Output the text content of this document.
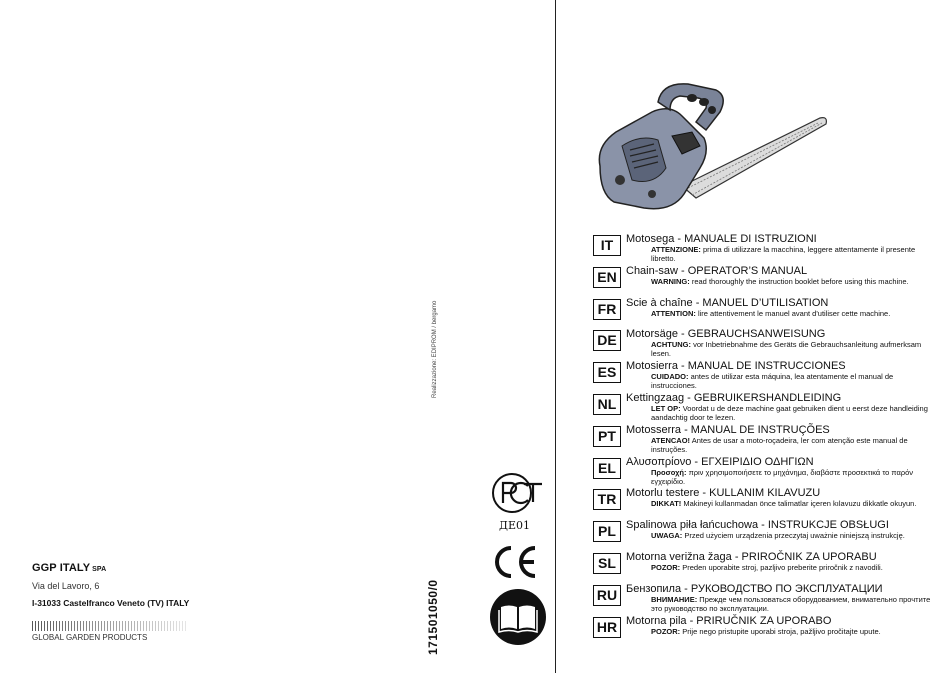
GGP ITALY SPA
Via del Lavoro, 6
I-31033 Castelfranco Veneto (TV) ITALY
GLOBAL GARDEN PRODUCTS
Realizzazione: EDIPROM / bergamo
171501050/0
ДЕ01
IT	Motosega - MANUALE DI ISTRUZIONI
ATTENZIONE: prima di utilizzare la macchina, leggere attentamente il presente libretto.
EN Chain-saw - OPERATOR’S MANUAL
WARNING: read thoroughly the instruction booklet before using this machine.
FR Scie à chaîne - MANUEL D’UTILISATION
ATTENTION: lire attentivement le manuel avant d'utiliser cette machine.
DE Motorsäge - GEBRAUCHSANWEISUNG
ACHTUNG: vor Inbetriebnahme des Geräts die Gebrauchsanleitung aufmerksam lesen.
ES Motosierra - MANUAL DE INSTRUCCIONES
CUIDADO: antes de utilizar esta máquina, lea atentamente el manual de instrucciones.
NL Kettingzaag - GEBRUIKERSHANDLEIDING
LET OP: Voordat u de deze machine gaat gebruiken dient u eerst deze handleiding aandachtig door te lezen.
PT Motosserra - MANUAL DE INSTRUÇÕES
ATENCAO! Antes de usar a moto-roçadeira, ler com atenção este manual de instruções.
EL Αλυσοπρίονο - ΕΓΧΕΙΡΙΔΙΟ ΟΔΗΓΙΩΝ
Προσοχή: πριν χρησιμοποιήσετε το μηχάνημα, διαβάστε προσεκτικά το παρόν εγχειρίδιο.
TR Motorlu testere - KULLANIM KILAVUZU
DIKKAT! Makineyi kullanmadan önce talimatlar içeren kılavuzu dikkatle okuyun.
PL Spalinowa piła łańcuchowa - INSTRUKCJE OBSŁUGI
UWAGA: Przed użyciem urządzenia przeczytaj uważnie niniejszą instrukcję.
SL Motorna verižna žaga - PRIROČNIK ZA UPORABU
POZOR: Preden uporabite stroj, pazljivo preberite priročnik z navodili.
RU Бензопила - РУКОВОДСТВО ПО ЭКСПЛУАТАЦИИ
ВНИМАНИЕ: Прежде чем пользоваться оборудованием, внимательно прочтите это руководство по эксплуатации.
HR Motorna pila - PRIRUČNIK ZA UPORABO
POZOR: Prije nego pristupite uporabi stroja, pažljivo pročitajte upute.
